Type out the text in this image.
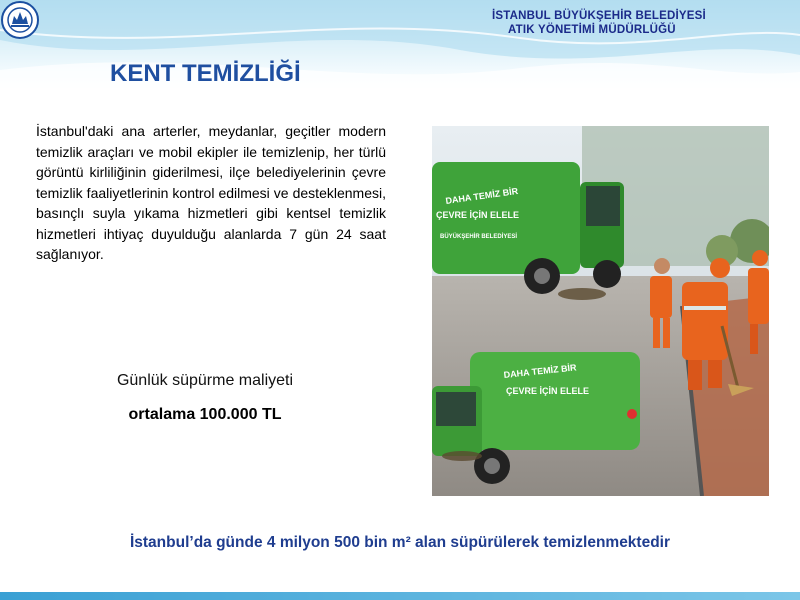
İSTANBUL BÜYÜKŞEHİR BELEDİYESİ
ATIK YÖNETİMİ MÜDÜRLÜĞÜ
KENT TEMİZLİĞİ

İstanbul'daki ana arterler, meydanlar, geçitler modern temizlik araçları ve mobil ekipler ile temizlenip, her türlü görüntü kirliliğinin giderilmesi, ilçe belediyelerinin çevre temizlik faaliyetlerinin kontrol edilmesi ve desteklenmesi, basınçlı suyla yıkama hizmetleri gibi kentsel temizlik hizmetleri ihtiyaç duyulduğu alanlarda 7 gün 24 saat sağlanıyor.

Günlük süpürme maliyeti
ortalama 100.000 TL
DAHA TEMİZ BİR
ÇEVRE İÇİN ELELE
BÜYÜKŞEHİR BELEDİYESİ
DAHA TEMİZ BİR
ÇEVRE İÇİN ELELE
İstanbul’da günde 4 milyon 500 bin m² alan süpürülerek temizlenmektedir
